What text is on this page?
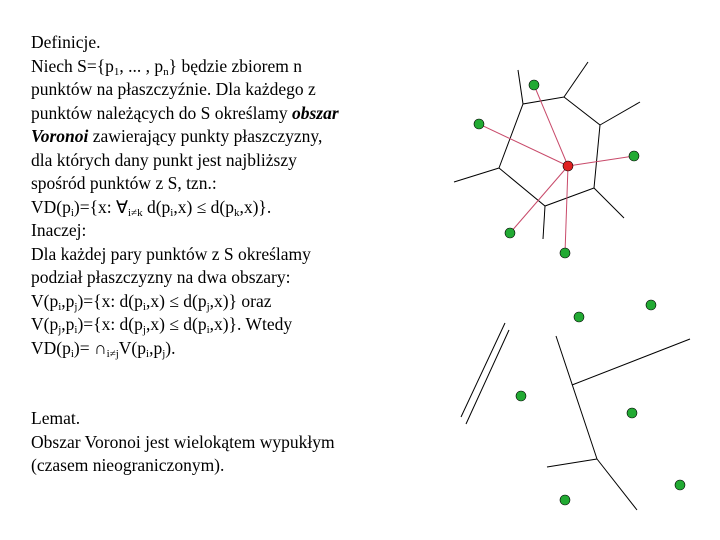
Definicje.
Niech $S=\{p_1$, ... , $p_n$} będzie zbiorem n
punktów na płaszczyźnie. Dla każdego z
punktów należących do S określamy obszar
Voronoi zawierający punkty płaszczyzny,
dla których dany punkt jest najbliższy
spośród punktów z S, tzn.:
$VD(p_i)=\{x$: $\forall_{i\ne k}$ $d(p_i,x) \le d(p_k,x)$}.
Inaczej:
Dla każdej pary punktów z S określamy
podział płaszczyzny na dwa obszary:
$V(p_i,p_j)=\{x$: $d(p_i,x) \le d(p_j,x)$} oraz
$V(p_j,p_i)=\{x$: $d(p_j,x) \le d(p_i,x)$}. Wtedy
$VD(p_i)=$ $\cap_{i\ne j}V(p_i,p_j)$.
Lemat.
Obszar Voronoi jest wielokątem wypukłym
(czasem nieograniczonym).
